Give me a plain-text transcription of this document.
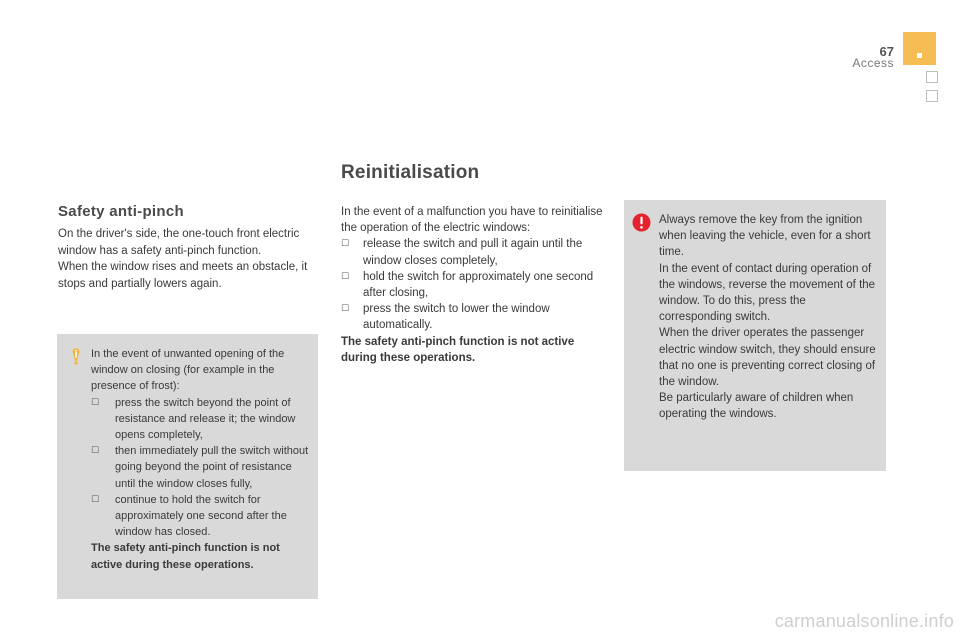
67
Access
Safety anti-pinch
On the driver's side, the one-touch front electric window has a safety anti-pinch function.
When the window rises and meets an obstacle, it stops and partially lowers again.
In the event of unwanted opening of the window on closing (for example in the presence of frost):
☐ press the switch beyond the point of resistance and release it; the window opens completely,
☐ then immediately pull the switch without going beyond the point of resistance until the window closes fully,
☐ continue to hold the switch for approximately one second after the window has closed.
The safety anti-pinch function is not active during these operations.
Reinitialisation
In the event of a malfunction you have to reinitialise the operation of the electric windows:
☐ release the switch and pull it again until the window closes completely,
☐ hold the switch for approximately one second after closing,
☐ press the switch to lower the window automatically.
The safety anti-pinch function is not active during these operations.
Always remove the key from the ignition when leaving the vehicle, even for a short time.
In the event of contact during operation of the windows, reverse the movement of the window. To do this, press the corresponding switch.
When the driver operates the passenger electric window switch, they should ensure that no one is preventing correct closing of the window.
Be particularly aware of children when operating the windows.
carmanualsonline.info
